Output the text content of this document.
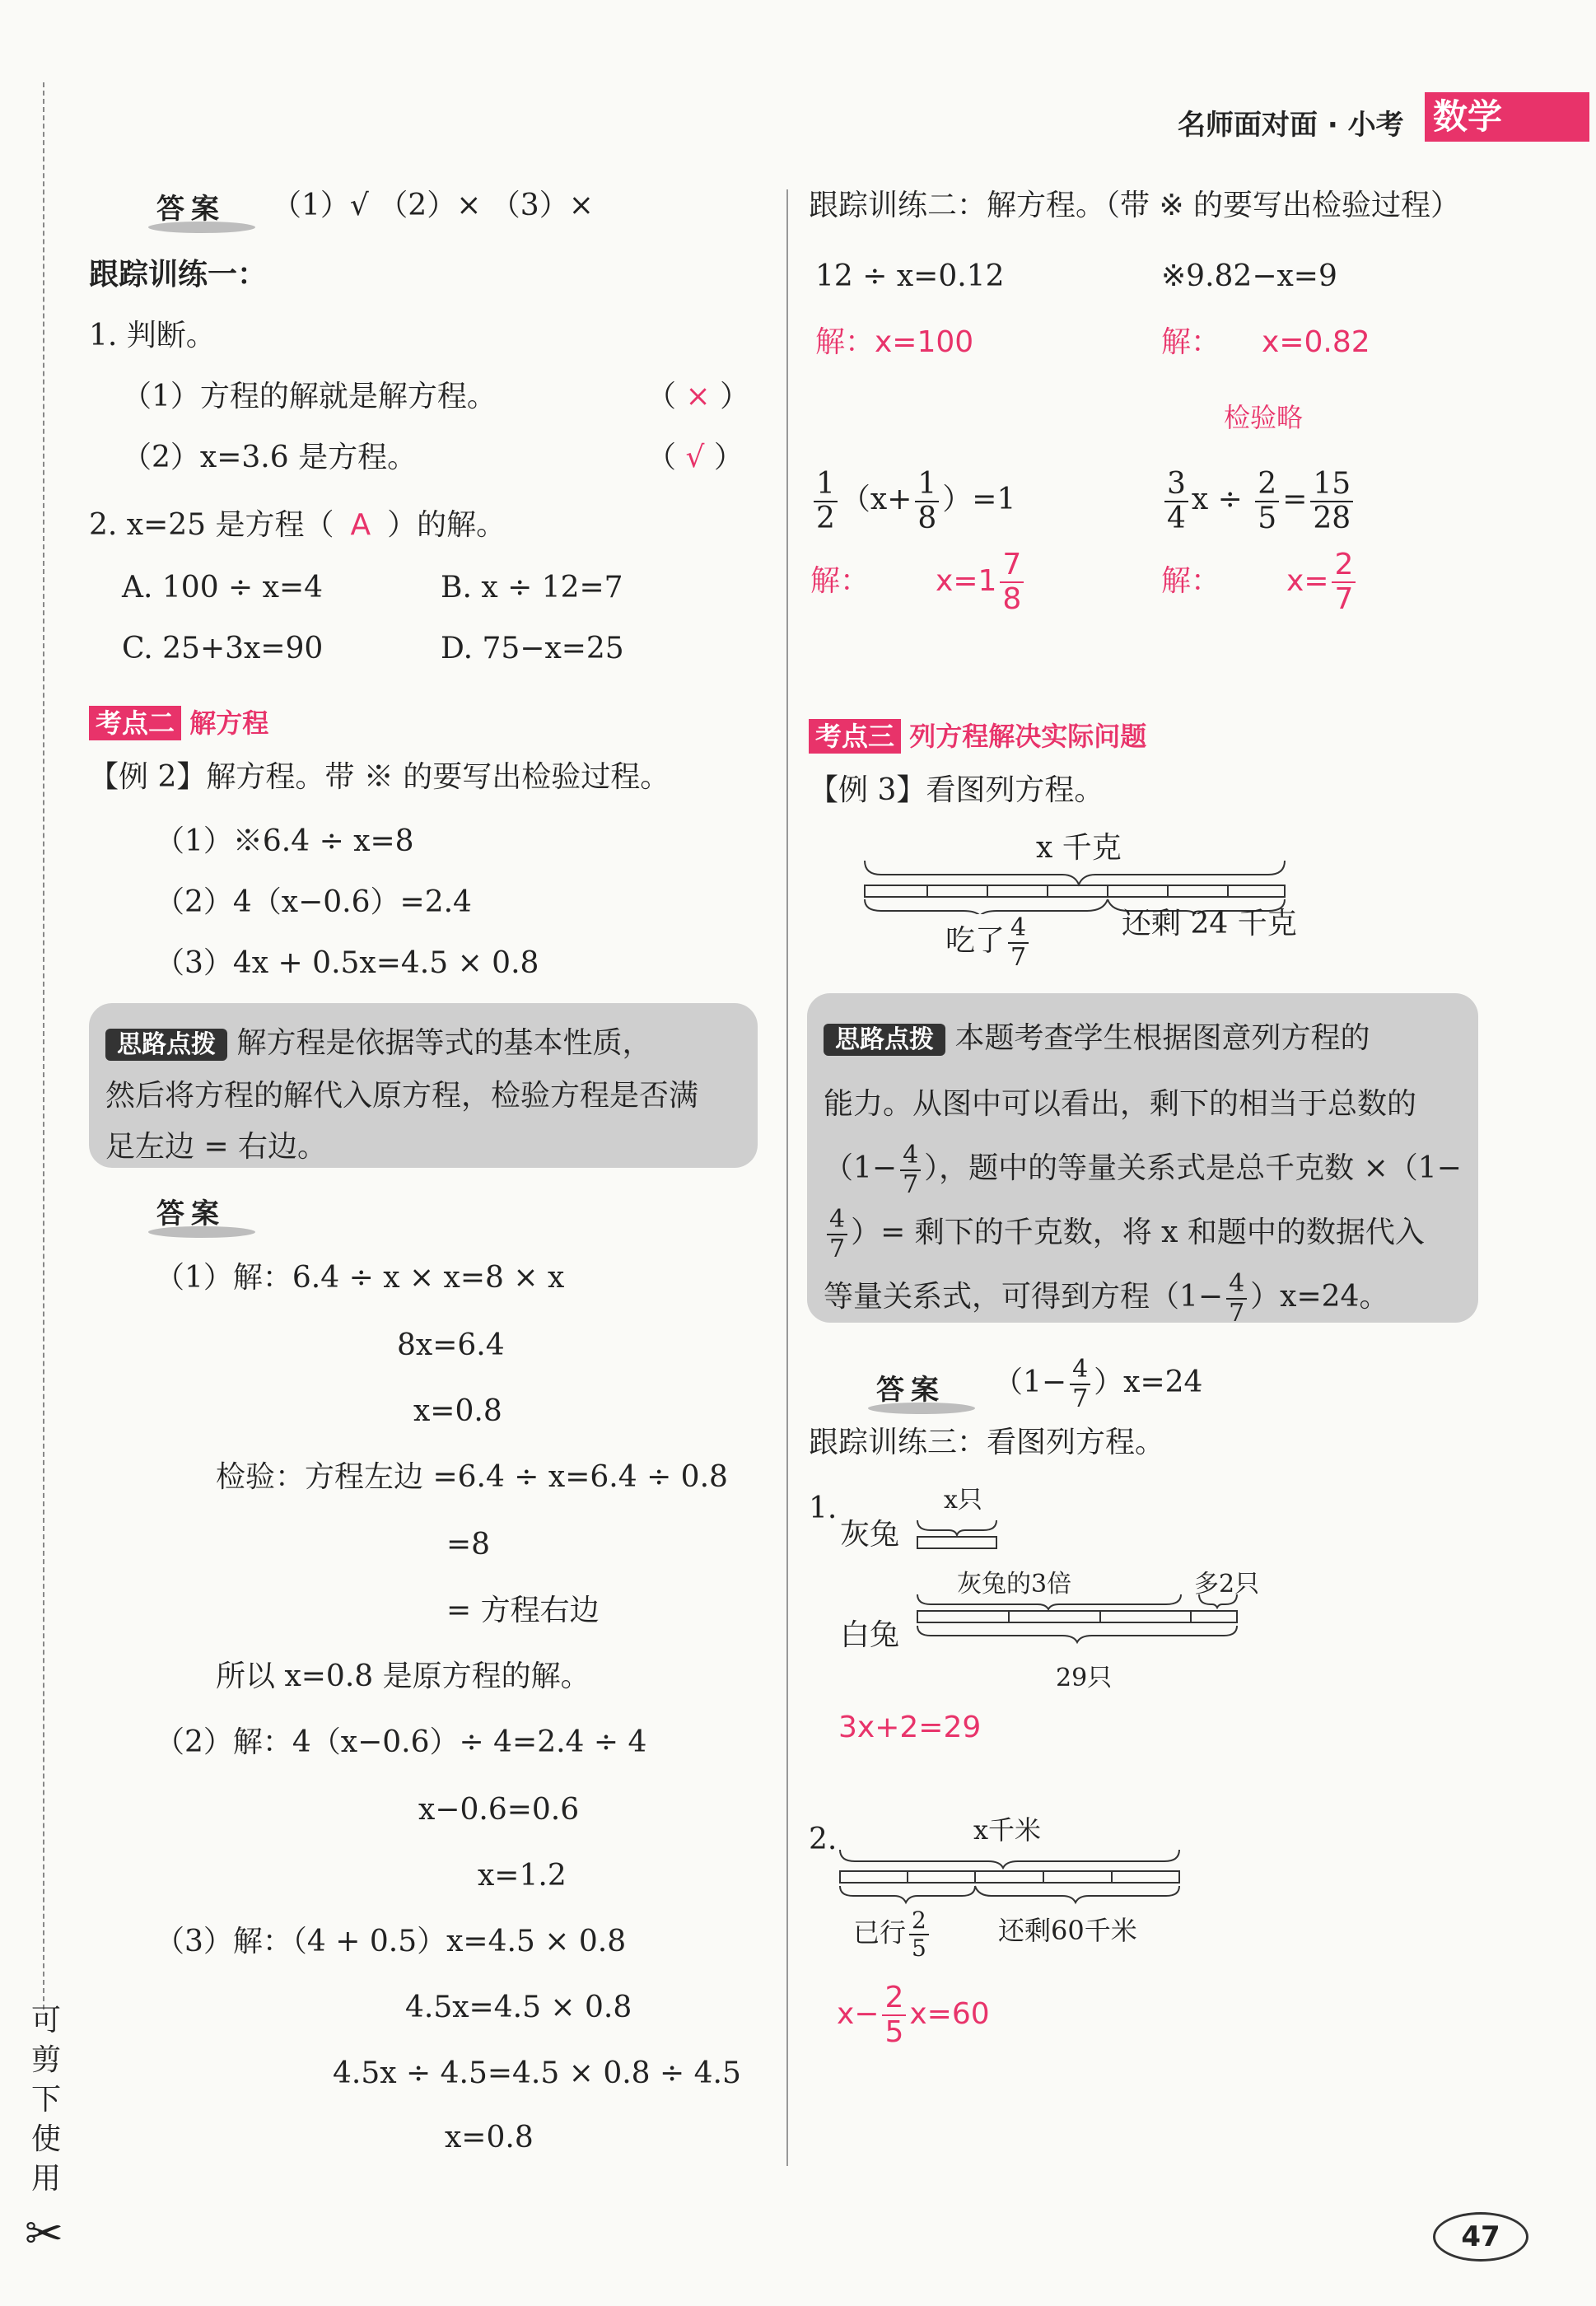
名师面对面 · 小考 数学
可
剪
下
使
用
✂
答案 （1）√ （2）× （3）×
跟踪训练一：
1. 判断。
（1）方程的解就是解方程。	（ × ）
（2）x=3.6 是方程。	（ √ ）
2. x=25 是方程（ A ）的解。
A. 100 ÷ x=4	B. x ÷ 12=7
C. 25+3x=90	D. 75−x=25
考点二 解方程
【例 2】解方程。带 ※ 的要写出检验过程。
（1）※6.4 ÷ x=8
（2）4（x−0.6）=2.4
（3）4x + 0.5x=4.5 × 0.8
思路点拨 解方程是依据等式的基本性质，
然后将方程的解代入原方程，检验方程是否满
足左边 = 右边。
答案
（1）解：6.4 ÷ x × x=8 × x
8x=6.4
x=0.8
检验：方程左边 =6.4 ÷ x=6.4 ÷ 0.8
=8
= 方程右边
所以 x=0.8 是原方程的解。
（2）解：4（x−0.6）÷ 4=2.4 ÷ 4
x−0.6=0.6
x=1.2
（3）解：（4 + 0.5）x=4.5 × 0.8
4.5x=4.5 × 0.8
4.5x ÷ 4.5=4.5 × 0.8 ÷ 4.5
x=0.8
跟踪训练二：解方程。（带 ※ 的要写出检验过程）
12 ÷ x=0.12
解：x=100
※9.82−x=9
解： x=0.82
检验略
$\frac{1}{2} (x+ \frac{1}{8} )=1$
解： $x=1 \frac{7}{8}$
$\frac{3}{4}$ $x \div \frac{2}{5} = \frac{15}{28}$
解： $x= \frac{2}{7}$
考点三 列方程解决实际问题
【例 3】看图列方程。
x 千克
吃了 $\frac{4}{7}$	还剩 24 千克
思路点拨 本题考查学生根据图意列方程的
能力。从图中可以看出，剩下的相当于总数的
（$1- \frac{4}{7}$ ），题中的等量关系式是总千克数 ×（1−
$\frac{4}{7}$ ）= 剩下的千克数，将 x 和题中的数据代入
等量关系式，可得到方程$(1- \frac{4}{7} )x=24$。
答案 $(1- \frac{4}{7} )x=24$
跟踪训练三：看图列方程。
1.
灰兔
x只
白兔
灰兔的3倍	多2只
29只
3x+2=29
2.	x千米
已行 $\frac{2}{5}$	还剩60千米
$x- \frac{2}{5} x=60$
47
